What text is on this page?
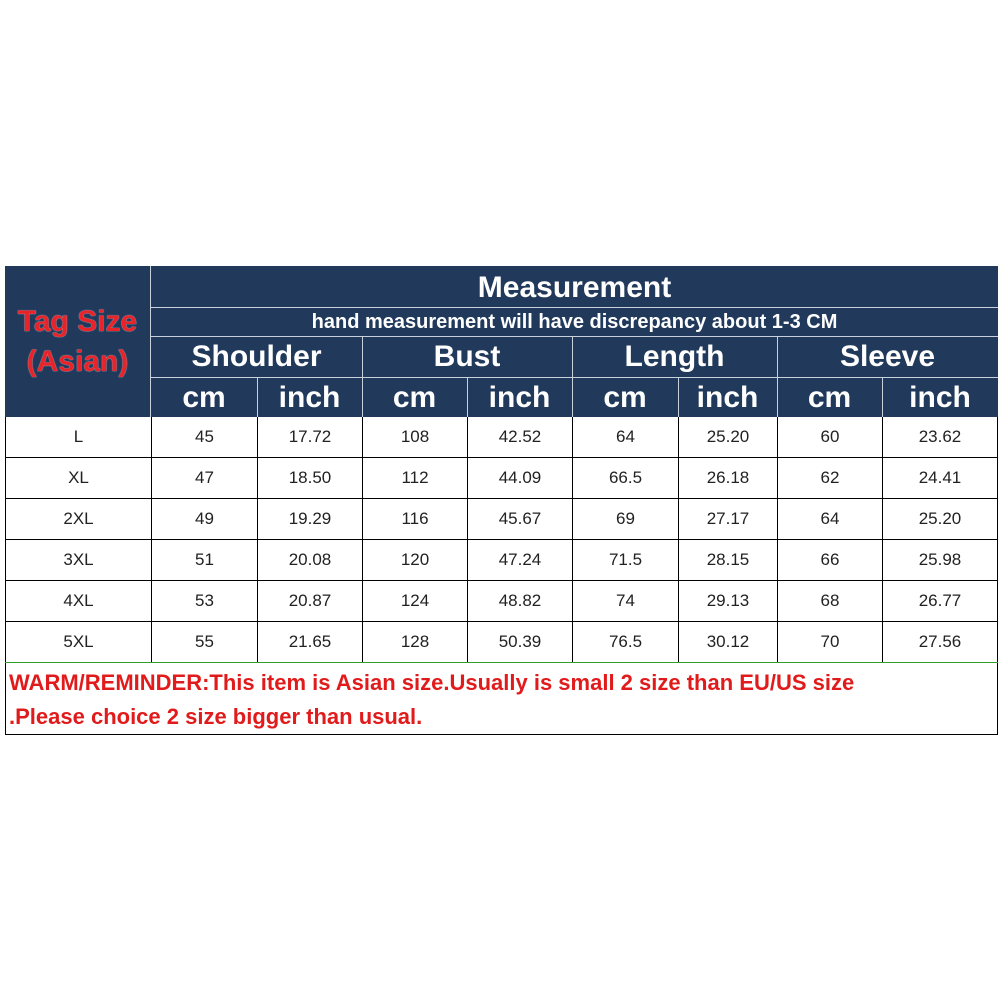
Tag Size
(Asian)
Measurement
hand measurement will have discrepancy about 1-3 CM
Shoulder	Bust	Length	Sleeve
cm	inch	cm	inch	cm	inch	cm	inch
L	45	17.72	108	42.52	64	25.20	60	23.62
XL	47	18.50	112	44.09	66.5	26.18	62	24.41
2XL	49	19.29	116	45.67	69	27.17	64	25.20
3XL	51	20.08	120	47.24	71.5	28.15	66	25.98
4XL	53	20.87	124	48.82	74	29.13	68	26.77
5XL	55	21.65	128	50.39	76.5	30.12	70	27.56
WARM/REMINDER:This item is Asian size.Usually is small 2 size than EU/US size
.Please choice 2 size bigger than usual.
